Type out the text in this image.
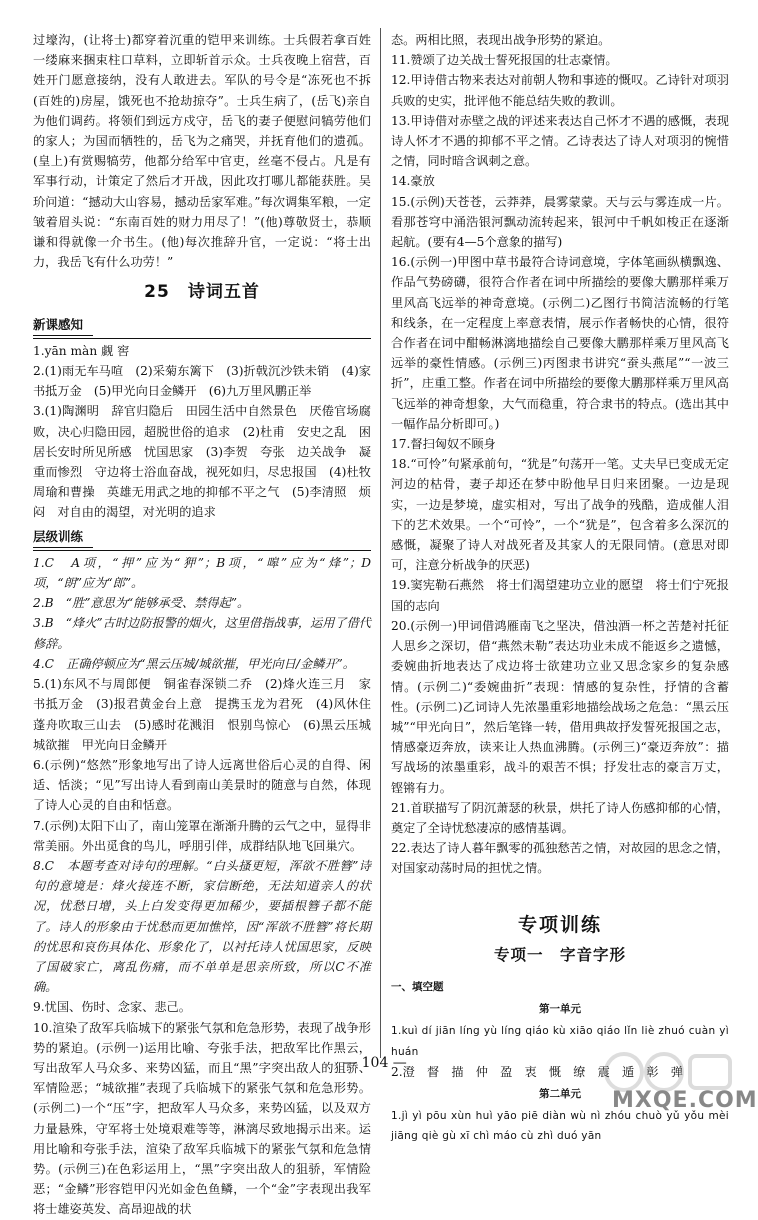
过壕沟，(让将士)都穿着沉重的铠甲来训练。士兵假若拿百姓一缕麻来捆束柱口草料，立即斩首示众。士兵夜晚上宿营，百姓开门愿意接纳，没有人敢进去。军队的号令是“冻死也不拆(百姓的)房屋，饿死也不抢劫掠夺”。士兵生病了，(岳飞)亲自为他们调药。将领们到远方戍守，岳飞的妻子便慰问犒劳他们的家人；为国而牺牲的，岳飞为之痛哭，并抚育他们的遗孤。(皇上)有赏赐犒劳，他都分给军中官吏，丝毫不侵占。凡是有军事行动，计策定了然后才开战，因此攻打哪儿都能获胜。吴玠问道：“撼动大山容易，撼动岳家军难。”每次调集军粮，一定皱着眉头说：“东南百姓的财力用尽了！”(他)尊敬贤士，恭顺谦和得就像一介书生。(他)每次推辞升官，一定说：“将士出力，我岳飞有什么功劳！”

25　诗词五首
新课感知

1.yān màn 觑 窖

2.(1)雨无车马喧　(2)采菊东篱下　(3)折戟沉沙铁未销　(4)家书抵万金　(5)甲光向日金鳞开　(6)九万里风鹏正举

3.(1)陶渊明　辞官归隐后　田园生活中自然景色　厌倦官场腐败，决心归隐田园，超脱世俗的追求　(2)杜甫　安史之乱　困居长安时所见所感　忧国思家　(3)李贺　夸张　边关战争　凝重而惨烈　守边将士浴血奋战，视死如归，尽忠报国　(4)杜牧　周瑜和曹操　英雄无用武之地的抑郁不平之气　(5)李清照　烦闷　对自由的渴望，对光明的追求

层级训练

1.C　A项，“押”应为“狎”；B项，“嗥”应为“烽”；D项，“朗”应为“郎”。

2.B　“胜”意思为“能够承受、禁得起”。

3.B　“烽火”古时边防报警的烟火，这里借指战事，运用了借代修辞。

4.C　正确停顿应为“黑云压城/城欲摧，甲光向日/金鳞开”。

5.(1)东风不与周郎便　铜雀春深锁二乔　(2)烽火连三月　家书抵万金　(3)报君黄金台上意　提携玉龙为君死　(4)风休住　蓬舟吹取三山去　(5)感时花溅泪　恨别鸟惊心　(6)黑云压城城欲摧　甲光向日金鳞开

6.(示例)“悠然”形象地写出了诗人远离世俗后心灵的自得、闲适、恬淡；“见”写出诗人看到南山美景时的随意与自然，体现了诗人心灵的自由和恬意。

7.(示例)太阳下山了，南山笼罩在渐渐升腾的云气之中，显得非常美丽。外出觅食的鸟儿，呼朋引伴，成群结队地飞回巢穴。

8.C　本题考查对诗句的理解。“白头搔更短，浑欲不胜簪”诗句的意境是：烽火接连不断，家信断绝，无法知道亲人的状况，忧愁日增，头上白发变得更加稀少，要插根簪子都不能了。诗人的形象由于忧愁而更加憔悴，因“浑欲不胜簪”将长期的忧思和哀伤具体化、形象化了，以衬托诗人忧国思家，反映了国破家亡，离乱伤痛，而不单单是思亲所致，所以C不准确。

9.忧国、伤时、念家、悲己。

10.渲染了敌军兵临城下的紧张气氛和危急形势，表现了战争形势的紧迫。(示例一)运用比喻、夸张手法，把敌军比作黑云，写出敌军人马众多、来势凶猛，而且“黑”字突出敌人的狙骄、军情险恶；“城欲摧”表现了兵临城下的紧张气氛和危急形势。(示例二)一个“压”字，把敌军人马众多，来势凶猛，以及双方力量悬殊，守军将士处境艰难等等，淋漓尽致地揭示出来。运用比喻和夸张手法，渲染了敌军兵临城下的紧张气氛和危急情势。(示例三)在色彩运用上，“黑”字突出敌人的狙骄，军情险恶；“金鳞”形容铠甲闪光如金色鱼鳞，一个“金”字表现出我军将士雄姿英发、高昂迎战的状

态。两相比照，表现出战争形势的紧迫。

11.赞颂了边关战士誓死报国的壮志豪情。

12.甲诗借古物来表达对前朝人物和事迹的慨叹。乙诗针对项羽兵败的史实，批评他不能总结失败的教训。

13.甲诗借对赤壁之战的评述来表达自己怀才不遇的感慨，表现诗人怀才不遇的抑郁不平之情。乙诗表达了诗人对项羽的惋惜之情，同时暗含讽刺之意。

14.豪放

15.(示例)天苍苍，云莽莽，晨雾蒙蒙。天与云与雾连成一片。看那苍穹中涌浩银河飘动流转起来，银河中千帆如梭正在逐渐起航。(要有4—5个意象的描写)

16.(示例一)甲图中草书最符合诗词意境，字体笔画纵横飘逸、作品气势磅礴，很符合作者在词中所描绘的要像大鹏那样乘万里风高飞远举的神奇意境。(示例二)乙图行书简洁流畅的行笔和线条，在一定程度上率意表情，展示作者畅快的心情，很符合作者在词中酣畅淋漓地描绘自己要像大鹏那样乘万里风高飞远举的豪性情感。(示例三)丙图隶书讲究“蚕头燕尾”“一波三折”，庄重工整。作者在词中所描绘的要像大鹏那样乘万里风高飞远举的神奇想象，大气而稳重，符合隶书的特点。(选出其中一幅作品分析即可。)

17.督扫匈奴不顾身

18.“可怜”句紧承前句，“犹是”句荡开一笔。丈夫早已变成无定河边的枯骨，妻子却还在梦中盼他早日归来团聚。一边是现实，一边是梦境，虚实相对，写出了战争的残酷，造成催人泪下的艺术效果。一个“可怜”，一个“犹是”，包含着多么深沉的感慨，凝聚了诗人对战死者及其家人的无限同情。(意思对即可，注意分析战争的厌恶)

19.窦宪勒石燕然　将士们渴望建功立业的愿望　将士们宁死报国的志向

20.(示例一)甲词借鸿雁南飞之坚决，借浊酒一杯之苦楚衬托征人思乡之深切，借“燕然未勒”表达功业未成不能返乡之遗憾，委婉曲折地表达了戍边将士欲建功立业又思念家乡的复杂感情。(示例二)“委婉曲折”表现：情感的复杂性，抒情的含蓄性。(示例二)乙词诗人先浓墨重彩地描绘战场之危急：“黑云压城”“甲光向日”，然后笔锋一转，借用典故抒发誓死报国之志，情感豪迈奔放，读来让人热血沸腾。(示例三)“豪迈奔放”：描写战场的浓墨重彩，战斗的艰苦不惧；抒发壮志的豪言万丈，铿锵有力。

21.首联描写了阴沉萧瑟的秋景，烘托了诗人伤感抑郁的心情，奠定了全诗忧愁凄凉的感情基调。

22.表达了诗人暮年飘零的孤独愁苦之情，对故园的思念之情，对国家动荡时局的担忧之情。

专项训练
专项一　字音字形
一、填空题
第一单元

1.kuì dí jiān líng yù líng qiáo kù xiāo qiáo lǐn liè zhuó cuàn yì huán

2.澄　督　描　仲　盈　衷　慨　缭　震　遁　彰　弹

第二单元

1.jì yì pōu xùn huì yāo piē diàn wù nì zhóu chuò yǔ yǒu mèi jiāng qiè gù xī chì máo cù zhì duó yān

— 104 —
MXQE.COM
